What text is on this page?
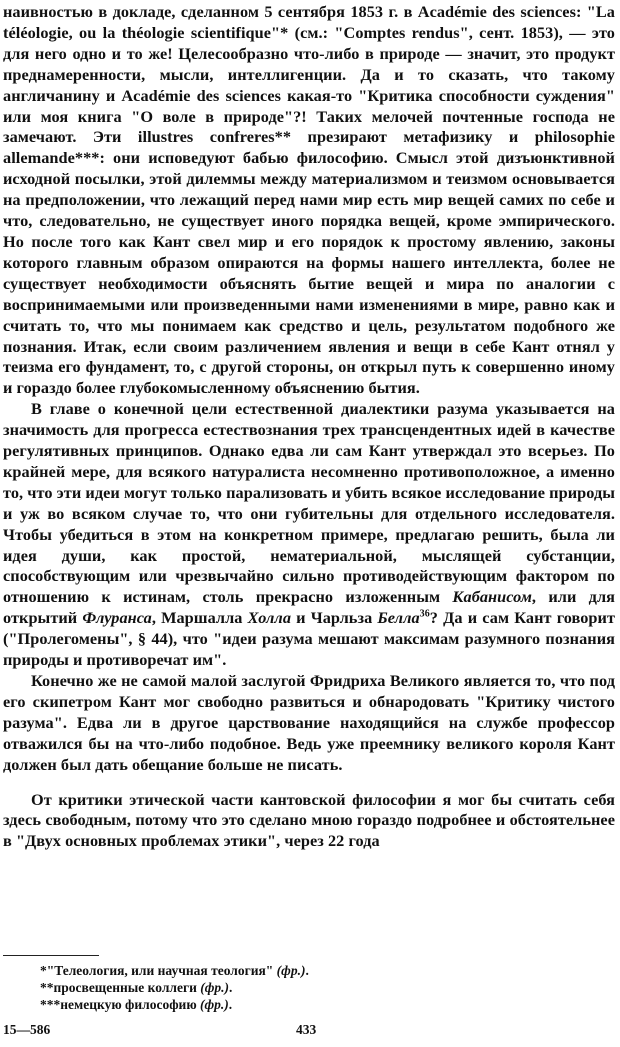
наивностью в докладе, сделанном 5 сентября 1853 г. в Académie des sciences: "La téléologie, ou la théologie scientifique"* (см.: "Comptes rendus", сент. 1853), — это для него одно и то же! Целесообразно что-либо в природе — значит, это продукт преднамеренности, мысли, интеллигенции. Да и то сказать, что такому англичанину и Académie des sciences какая-то "Критика способности суждения" или моя книга "О воле в природе"?! Таких мелочей почтенные господа не замечают. Эти illustres confreres** презирают метафизику и philosophie allemande***: они исповедуют бабью философию. Смысл этой дизъюнктивной исходной посылки, этой дилеммы между материализмом и теизмом основывается на предположении, что лежащий перед нами мир есть мир вещей самих по себе и что, следовательно, не существует иного порядка вещей, кроме эмпирического. Но после того как Кант свел мир и его порядок к простому явлению, законы которого главным образом опираются на формы нашего интеллекта, более не существует необходимости объяснять бытие вещей и мира по аналогии с воспринимаемыми или произведенными нами изменениями в мире, равно как и считать то, что мы понимаем как средство и цель, результатом подобного же познания. Итак, если своим различением явления и вещи в себе Кант отнял у теизма его фундамент, то, с другой стороны, он открыл путь к совершенно иному и гораздо более глубокомысленному объяснению бытия.

В главе о конечной цели естественной диалектики разума указывается на значимость для прогресса естествознания трех трансцендентных идей в качестве регулятивных принципов. Однако едва ли сам Кант утверждал это всерьез. По крайней мере, для всякого натуралиста несомненно противоположное, а именно то, что эти идеи могут только парализовать и убить всякое исследование природы и уж во всяком случае то, что они губительны для отдельного исследователя. Чтобы убедиться в этом на конкретном примере, предлагаю решить, была ли идея души, как простой, нематериальной, мыслящей субстанции, способствующим или чрезвычайно сильно противодействующим фактором по отношению к истинам, столь прекрасно изложенным Кабанисом, или для открытий Флуранса, Маршалла Холла и Чарльза Белла$^{36}$? Да и сам Кант говорит ("Пролегомены", § 44), что "идеи разума мешают максимам разумного познания природы и противоречат им".

Конечно же не самой малой заслугой Фридриха Великого является то, что под его скипетром Кант мог свободно развиться и обнародовать "Критику чистого разума". Едва ли в другое царствование находящийся на службе профессор отважился бы на что-либо подобное. Ведь уже преемнику великого короля Кант должен был дать обещание больше не писать.

От критики этической части кантовской философии я мог бы считать себя здесь свободным, потому что это сделано мною гораздо подробнее и обстоятельнее в "Двух основных проблемах этики", через 22 года

*"Телеология, или научная теология" (фр.).
**просвещенные коллеги (фр.).
***немецкую философию (фр.).
15—586	433
